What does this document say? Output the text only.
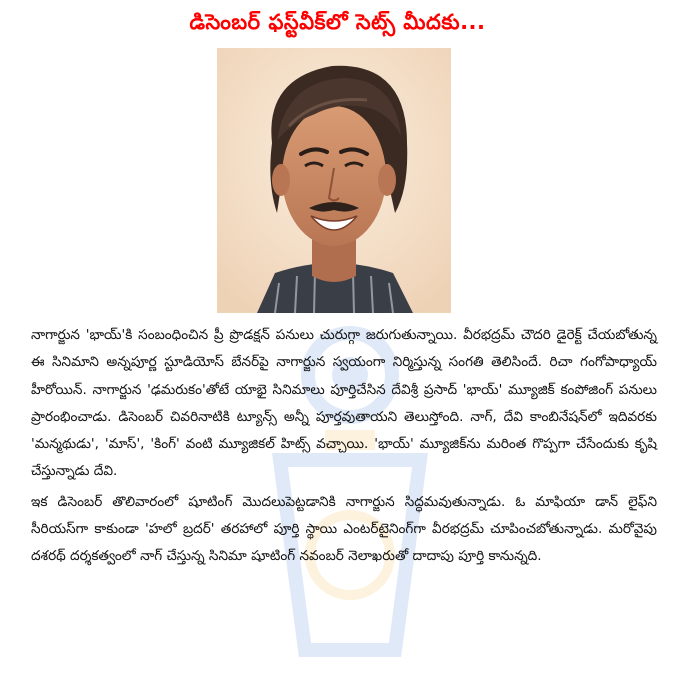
డిసెంబర్ ఫస్ట్‌వీక్‌లో సెట్స్ మీదకు...

నాగార్జున 'భాయ్'కి సంబంధించిన ప్రీ ప్రొడక్షన్ పనులు చురుగ్గా జరుగుతున్నాయి. వీరభద్రమ్ చౌదరి డైరెక్ట్ చేయబోతున్న ఈ సినిమాని అన్నపూర్ణ స్టూడియోస్ బేనర్‌పై నాగార్జున స్వయంగా నిర్మిస్తున్న సంగతి తెలిసిందే. రిచా గంగోపాధ్యాయ్ హీరోయిన్. నాగార్జున 'ఢమరుకం'తోటే యాభై సినిమాలు పూర్తిచేసిన దేవిశ్రీ ప్రసాద్ 'భాయ్' మ్యూజిక్ కంపోజింగ్ పనులు ప్రారంభించాడు. డిసెంబర్ చివరినాటికి ట్యూన్స్ అన్నీ పూర్తవుతాయని తెలుస్తోంది. నాగ్, దేవి కాంబినేషన్‌లో ఇదివరకు 'మన్మథుడు', 'మాస్', 'కింగ్' వంటి మ్యూజికల్ హిట్స్ వచ్చాయి. 'భాయ్' మ్యూజిక్‌ను మరింత గొప్పగా చేసేందుకు కృషి చేస్తున్నాడు దేవి.

ఇక డిసెంబర్ తొలివారంలో షూటింగ్ మొదలుపెట్టడానికి నాగార్జున సిద్ధమవుతున్నాడు. ఓ మాఫియా డాన్ లైఫ్‌ని సీరియస్‌గా కాకుండా 'హలో బ్రదర్' తరహాలో పూర్తి స్థాయి ఎంటర్‌టైనింగ్‌గా వీరభద్రమ్ చూపించబోతున్నాడు. మరోవైపు దశరథ్ దర్శకత్వంలో నాగ్ చేస్తున్న సినిమా షూటింగ్ నవంబర్ నెలాఖరుతో దాదాపు పూర్తి కానున్నది.
